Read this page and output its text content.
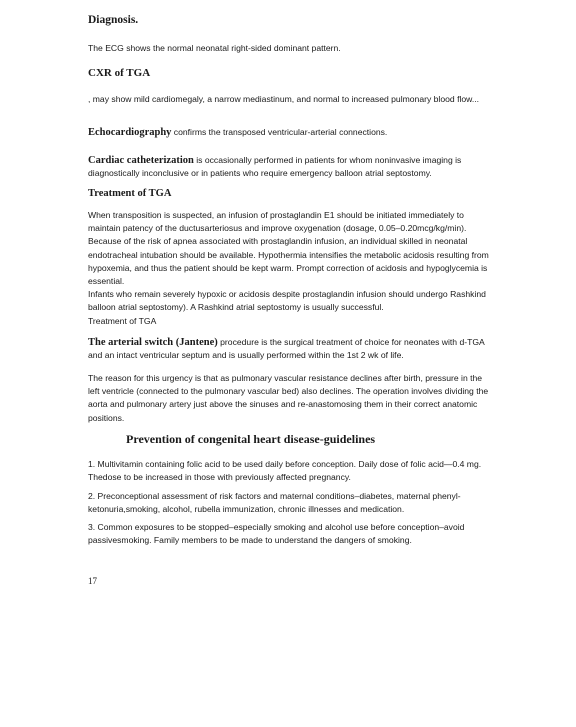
Diagnosis.
The ECG shows the normal neonatal right-sided dominant pattern.
CXR of TGA
, may show mild cardiomegaly, a narrow mediastinum, and normal to increased pulmonary blood flow...
Echocardiography confirms the transposed ventricular-arterial connections.
Cardiac catheterization is occasionally performed in patients for whom noninvasive imaging is diagnostically inconclusive or in patients who require emergency balloon atrial septostomy.
Treatment of TGA

When transposition is suspected, an infusion of prostaglandin E1 should be initiated immediately to maintain patency of the ductusarteriosus and improve oxygenation (dosage, 0.05–0.20mcg/kg/min).

Because of the risk of apnea associated with prostaglandin infusion, an individual skilled in neonatal endotracheal intubation should be available. Hypothermia intensifies the metabolic acidosis resulting from hypoxemia, and thus the patient should be kept warm. Prompt correction of acidosis and hypoglycemia is essential.

Infants who remain severely hypoxic or acidosis despite prostaglandin infusion should undergo Rashkind balloon atrial septostomy). A Rashkind atrial septostomy is usually successful.

Treatment of TGA

The arterial switch (Jantene) procedure is the surgical treatment of choice for neonates with d-TGA and an intact ventricular septum and is usually performed within the 1st 2 wk of life.
The reason for this urgency is that as pulmonary vascular resistance declines after birth, pressure in the left ventricle (connected to the pulmonary vascular bed) also declines. The operation involves dividing the aorta and pulmonary artery just above the sinuses and re-anastomosing them in their correct anatomic positions.
Prevention of congenital heart disease-guidelines
1. Multivitamin containing folic acid to be used daily before conception. Daily dose of folic acid—0.4 mg. Thedose to be increased in those with previously affected pregnancy.
2. Preconceptional assessment of risk factors and maternal conditions–diabetes, maternal phenyl-ketonuria,smoking, alcohol, rubella immunization, chronic illnesses and medication.
3. Common exposures to be stopped–especially smoking and alcohol use before conception–avoid passivesmoking. Family members to be made to understand the dangers of smoking.
17
